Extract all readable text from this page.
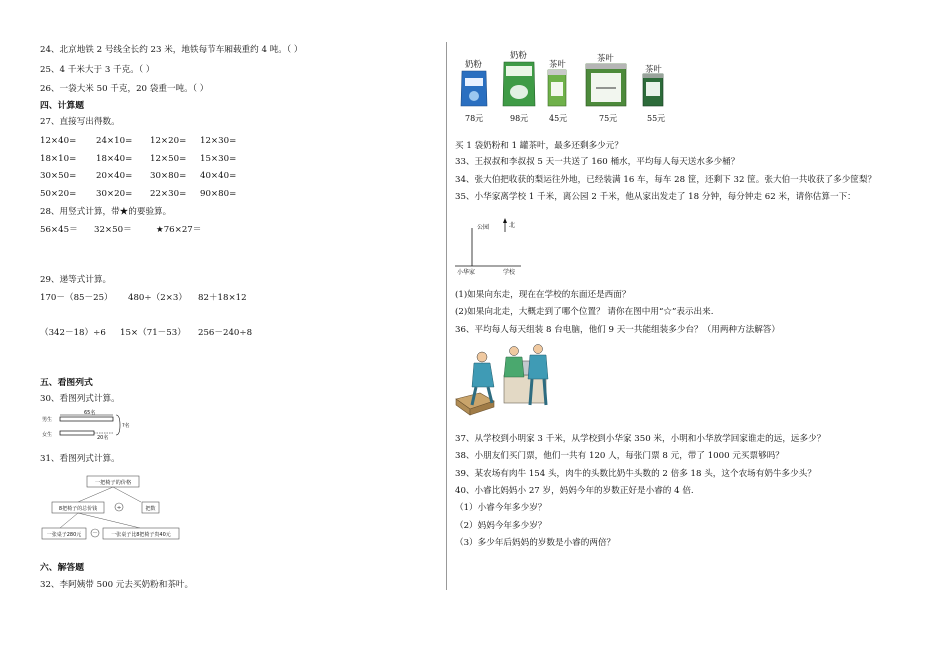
24、北京地铁 2 号线全长约 23 米，地铁每节车厢载重约 4 吨。（ ）
25、4 千米大于 3 千克。（ ）
26、一袋大米 50 千克，20 袋重一吨。（ ）
四、计算题
27、直接写出得数。
12×40= 24×10= 12×20= 12×30=
18×10= 18×40= 12×50= 15×30=
30×50= 20×40= 30×80= 40×40=
50×20= 30×20= 22×30= 90×80=
28、用竖式计算，带★的要验算。
56×45＝ 32×50＝	★76×27＝
29、递等式计算。
170－（85－25） 480÷（2×3） 82＋18×12
（342－18）÷6 15×（71－53） 256－240÷8
五、看图列式
30、看图列式计算。
男生
女生
65名
20名
?名
31、看图列式计算。
一把椅子的价格
8把椅子的总价钱	÷	把数
一张桌子280元 －	一张桌子比8把椅子贵40元
六、解答题
32、李阿姨带 500 元去买奶粉和茶叶。
奶粉
78元
奶粉
98元
茶叶
45元
茶叶
75元
茶叶
55元
买 1 袋奶粉和 1 罐茶叶，最多还剩多少元？
33、王叔叔和李叔叔 5 天一共送了 160 桶水，平均每人每天送水多少桶？
34、张大伯把收获的梨运往外地，已经装满 16 车，每车 28 筐，还剩下 32 筐。张大伯一共收获了多少筐梨？
35、小华家离学校 1 千米，离公园 2 千米，他从家出发走了 18 分钟，每分钟走 62 米，请你估算一下：
公园	北
小华家	学校
(1)如果向东走，现在在学校的东面还是西面？
(2)如果向北走，大概走到了哪个位置？ 请你在图中用“☆”表示出来.
36、平均每人每天组装 8 台电脑，他们 9 天一共能组装多少台？（用两种方法解答）
37、从学校到小明家 3 千米，从学校到小华家 350 米，小明和小华放学回家谁走的远，远多少？
38、小朋友们买门票，他们一共有 120 人，每张门票 8 元，带了 1000 元买票够吗？
39、某农场有肉牛 154 头，肉牛的头数比奶牛头数的 2 倍多 18 头，这个农场有奶牛多少头？
40、小睿比妈妈小 27 岁，妈妈今年的岁数正好是小睿的 4 倍.
（1）小睿今年多少岁？
（2）妈妈今年多少岁？
（3）多少年后妈妈的岁数是小睿的两倍？
